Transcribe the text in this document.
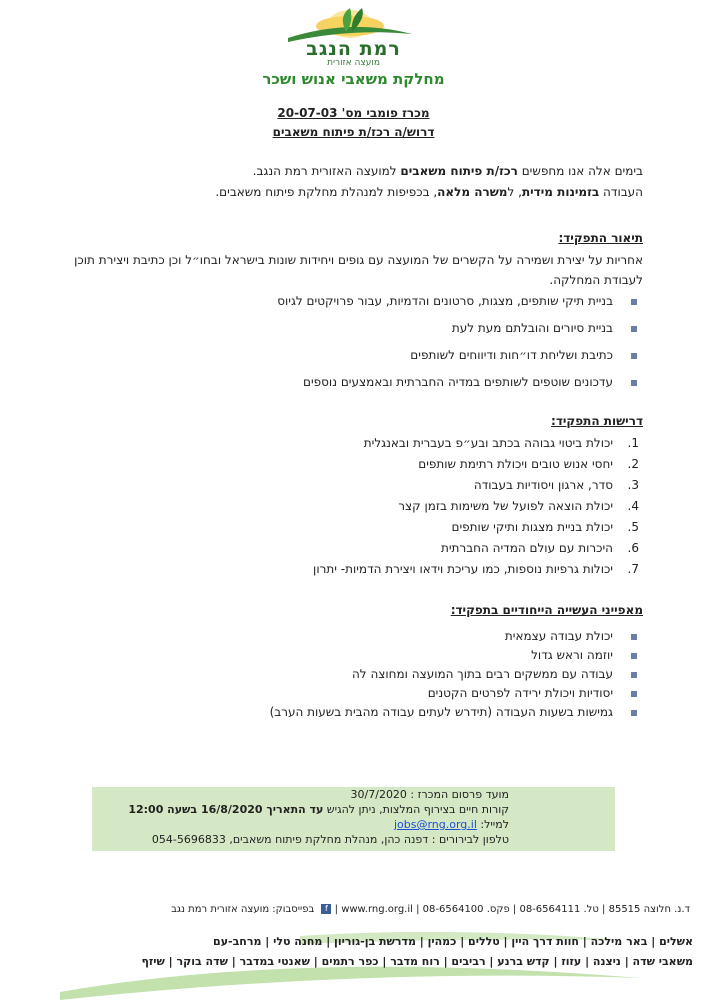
רמת הנגב
מועצה אזורית
מחלקת משאבי אנוש ושכר
מכרז פומבי מס' 20-07-03
דרוש/ה רכז/ת פיתוח משאבים

בימים אלה אנו מחפשים רכז/ת פיתוח משאבים למועצה האזורית רמת הנגב.

העבודה בזמינות מידית, למשרה מלאה, בכפיפות למנהלת מחלקת פיתוח משאבים.

תיאור התפקיד:
אחריות על יצירת ושמירה על הקשרים של המועצה עם גופים ויחידות שונות בישראל ובחו״ל וכן כתיבת ויצירת תוכן לעבודת המחלקה.
בניית תיקי שותפים, מצגות, סרטונים והדמיות, עבור פרויקטים לגיוס
בניית סיורים והובלתם מעת לעת
כתיבת ושליחת דו״חות ודיווחים לשותפים
עדכונים שוטפים לשותפים במדיה החברתית ובאמצעים נוספים
דרישות התפקיד:
1.
יכולת ביטוי גבוהה בכתב ובע״פ בעברית ובאנגלית
2.
יחסי אנוש טובים ויכולת רתימת שותפים
3.
סדר, ארגון ויסודיות בעבודה
4.
יכולת הוצאה לפועל של משימות בזמן קצר
5.
יכולת בניית מצגות ותיקי שותפים
6.
היכרות עם עולם המדיה החברתית
7.
יכולות גרפיות נוספות, כמו עריכת וידאו ויצירת הדמיות- יתרון
מאפייני העשייה הייחודיים בתפקיד:
יכולת עבודה עצמאית
יוזמה וראש גדול
עבודה עם ממשקים רבים בתוך המועצה ומחוצה לה
יסודיות ויכולת ירידה לפרטים הקטנים
גמישות בשעות העבודה (תידרש לעתים עבודה מהבית בשעות הערב)
מועד פרסום המכרז : 30/7/2020
קורות חיים בצירוף המלצות, ניתן להגיש עד התאריך 16/8/2020 בשעה 12:00
למייל: jobs@rng.org.il
טלפון לבירורים : דפנה כהן, מנהלת מחלקת פיתוח משאבים, 054-5696833
ד.נ. חלוצה 85515 | טל. 08-6564111 | פקס. 08-6564100 | www.rng.org.il | f בפייסבוק: מועצה אזורית רמת נגב
אשלים | באר מילכה | חוות דרך היין | טללים | כמהין | מדרשת בן-גוריון | מחנה טלי | מרחב-עם
משאבי שדה | ניצנה | עזוז | קדש ברנע | רביבים | רוח מדבר | כפר רתמים | שאנטי במדבר | שדה בוקר | שיזף
